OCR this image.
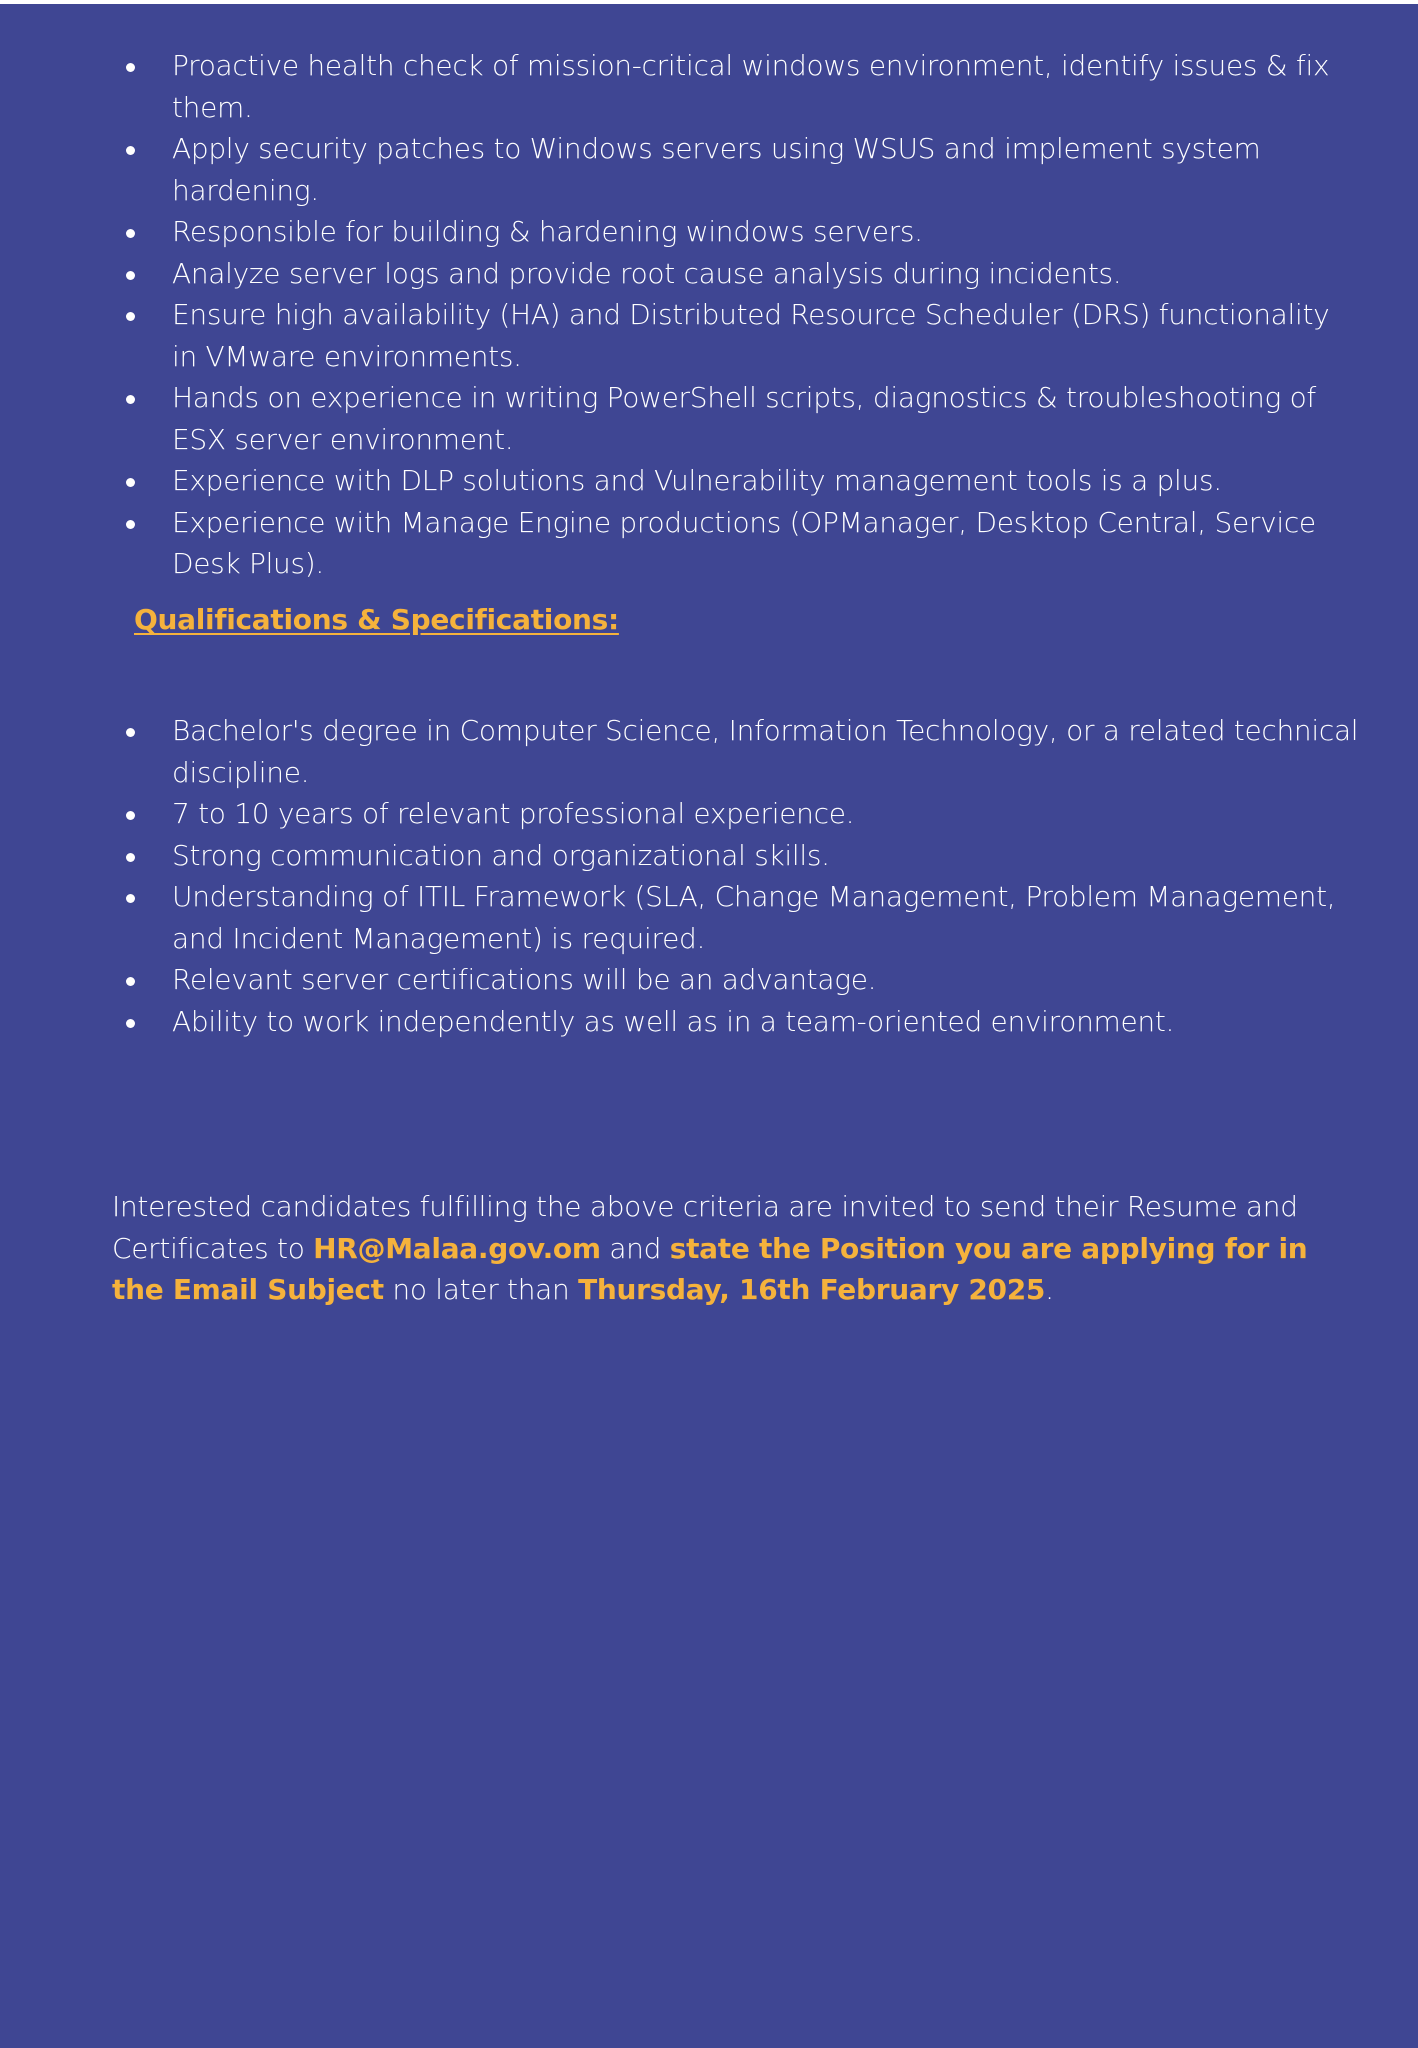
Proactive health check of mission-critical windows environment, identify issues & fix them.
Apply security patches to Windows servers using WSUS and implement system hardening.
Responsible for building & hardening windows servers.
Analyze server logs and provide root cause analysis during incidents.
Ensure high availability (HA) and Distributed Resource Scheduler (DRS) functionality in VMware environments.
Hands on experience in writing PowerShell scripts, diagnostics & troubleshooting of ESX server environment.
Experience with DLP solutions and Vulnerability management tools is a plus.
Experience with Manage Engine productions (OPManager, Desktop Central, Service Desk Plus).
Qualifications & Specifications:
Bachelor's degree in Computer Science, Information Technology, or a related technical discipline.
7 to 10 years of relevant professional experience.
Strong communication and organizational skills.
Understanding of ITIL Framework (SLA, Change Management, Problem Management, and Incident Management) is required.
Relevant server certifications will be an advantage.
Ability to work independently as well as in a team-oriented environment.

Interested candidates fulfilling the above criteria are invited to send their Resume and Certificates to HR@Malaa.gov.om and state the Position you are applying for in the Email Subject no later than Thursday, 16th February 2025.
